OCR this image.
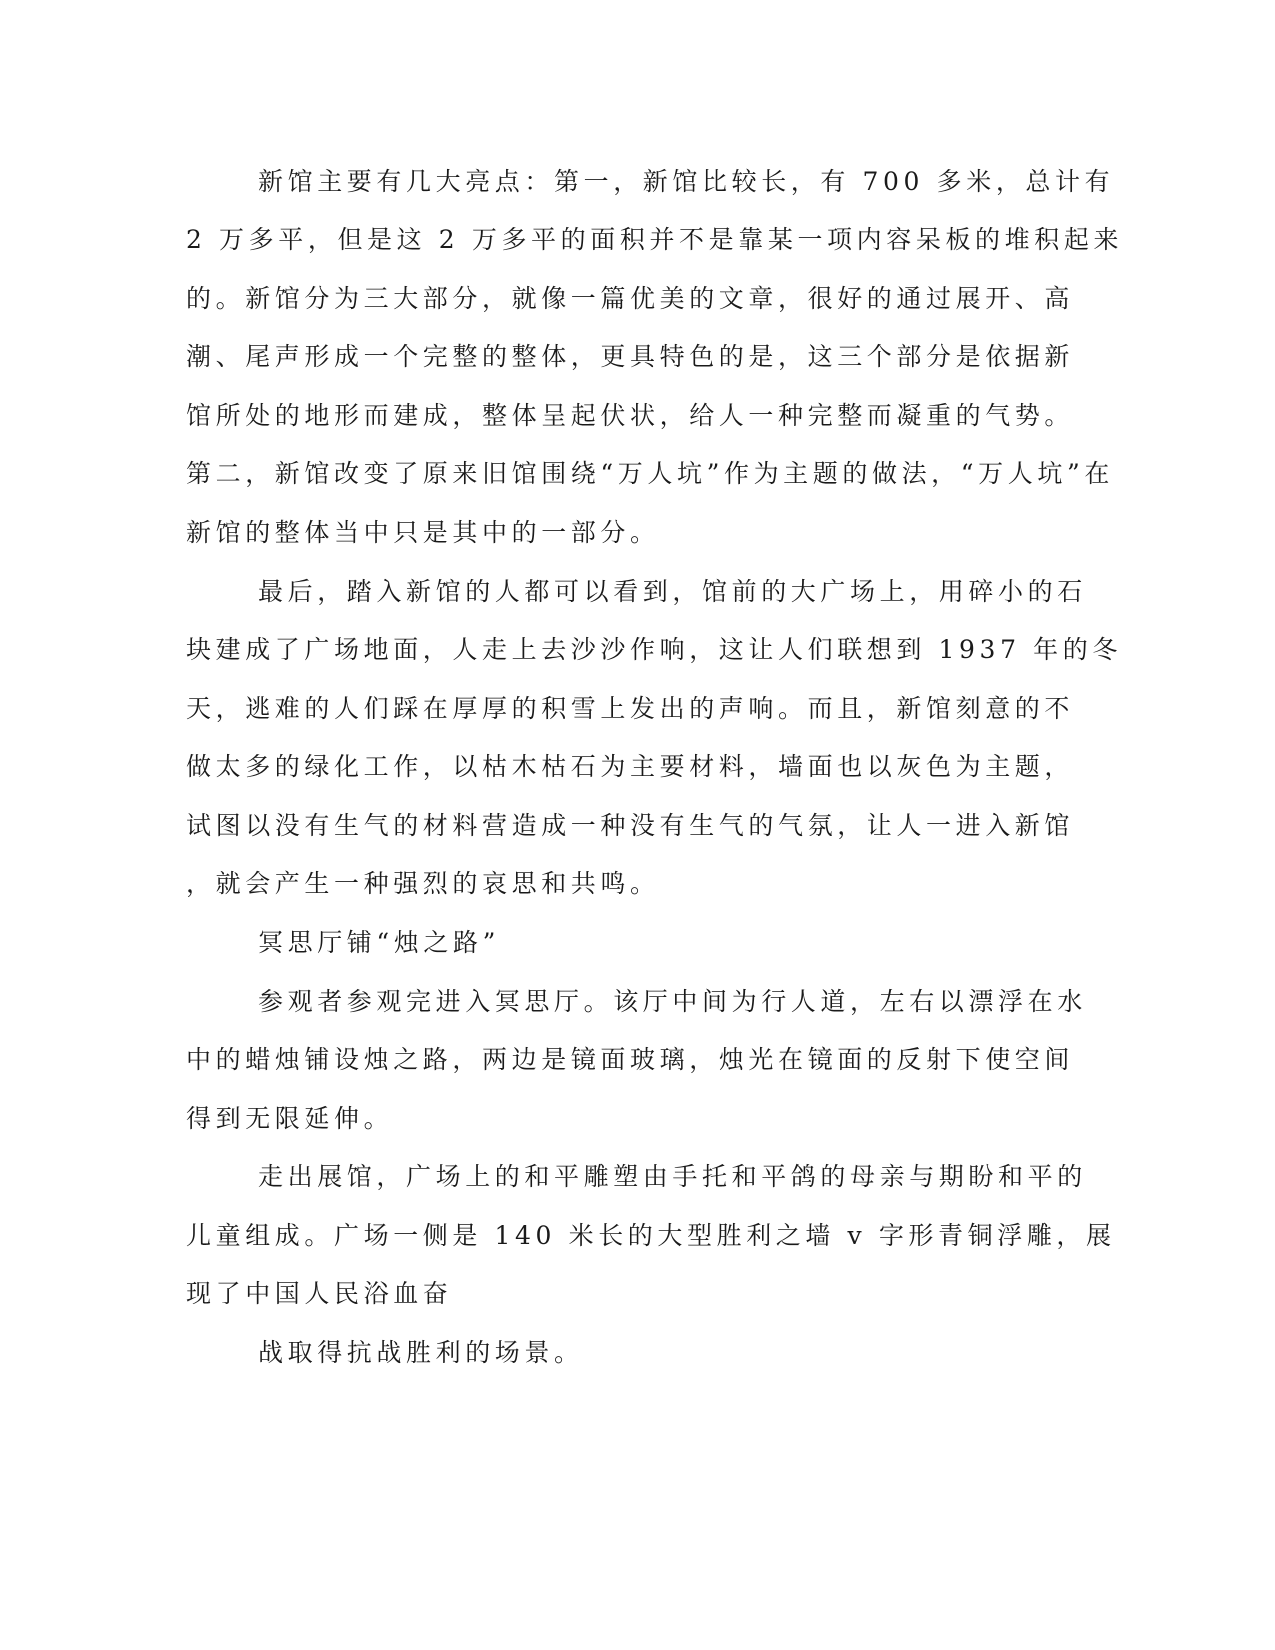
新馆主要有几大亮点：第一，新馆比较长，有 700 多米，总计有
2 万多平，但是这 2 万多平的面积并不是靠某一项内容呆板的堆积起来
的。新馆分为三大部分，就像一篇优美的文章，很好的通过展开、高
潮、尾声形成一个完整的整体，更具特色的是，这三个部分是依据新
馆所处的地形而建成，整体呈起伏状，给人一种完整而凝重的气势。
第二，新馆改变了原来旧馆围绕“万人坑”作为主题的做法，“万人坑”在
新馆的整体当中只是其中的一部分。
最后，踏入新馆的人都可以看到，馆前的大广场上，用碎小的石
块建成了广场地面，人走上去沙沙作响，这让人们联想到 1937 年的冬
天，逃难的人们踩在厚厚的积雪上发出的声响。而且，新馆刻意的不
做太多的绿化工作，以枯木枯石为主要材料，墙面也以灰色为主题，
试图以没有生气的材料营造成一种没有生气的气氛，让人一进入新馆
，就会产生一种强烈的哀思和共鸣。
冥思厅铺“烛之路”
参观者参观完进入冥思厅。该厅中间为行人道，左右以漂浮在水
中的蜡烛铺设烛之路，两边是镜面玻璃，烛光在镜面的反射下使空间
得到无限延伸。
走出展馆，广场上的和平雕塑由手托和平鸽的母亲与期盼和平的
儿童组成。广场一侧是 140 米长的大型胜利之墙 v 字形青铜浮雕，展
现了中国人民浴血奋
战取得抗战胜利的场景。
